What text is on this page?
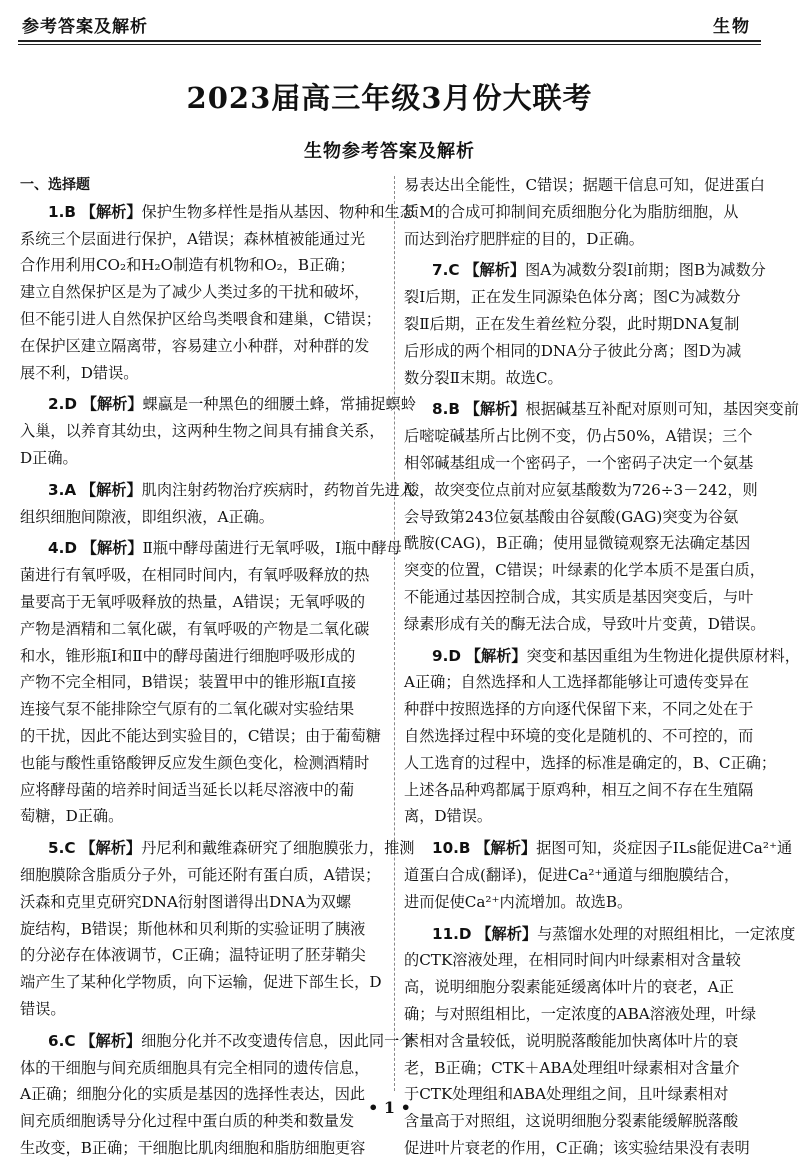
参考答案及解析	生物
2023届高三年级3月份大联考
生物参考答案及解析
一、选择题
1.B 【解析】保护生物多样性是指从基因、物种和生态
系统三个层面进行保护，A错误；森林植被能通过光
合作用利用CO₂和H₂O制造有机物和O₂，B正确；
建立自然保护区是为了减少人类过多的干扰和破坏，
但不能引进人自然保护区给鸟类喂食和建巢，C错误；
在保护区建立隔离带，容易建立小种群，对种群的发
展不利，D错误。
2.D 【解析】蜾蠃是一种黑色的细腰土蜂，常捕捉螟蛉
入巢，以养育其幼虫，这两种生物之间具有捕食关系，
D正确。
3.A 【解析】肌肉注射药物治疗疾病时，药物首先进入
组织细胞间隙液，即组织液，A正确。
4.D 【解析】Ⅱ瓶中酵母菌进行无氧呼吸，Ⅰ瓶中酵母
菌进行有氧呼吸，在相同时间内，有氧呼吸释放的热
量要高于无氧呼吸释放的热量，A错误；无氧呼吸的
产物是酒精和二氧化碳，有氧呼吸的产物是二氧化碳
和水，锥形瓶Ⅰ和Ⅱ中的酵母菌进行细胞呼吸形成的
产物不完全相同，B错误；装置甲中的锥形瓶Ⅰ直接
连接气泵不能排除空气原有的二氧化碳对实验结果
的干扰，因此不能达到实验目的，C错误；由于葡萄糖
也能与酸性重铬酸钾反应发生颜色变化，检测酒精时
应将酵母菌的培养时间适当延长以耗尽溶液中的葡
萄糖，D正确。
5.C 【解析】丹尼利和戴维森研究了细胞膜张力，推测
细胞膜除含脂质分子外，可能还附有蛋白质，A错误；
沃森和克里克研究DNA衍射图谱得出DNA为双螺
旋结构，B错误；斯他林和贝利斯的实验证明了胰液
的分泌存在体液调节，C正确；温特证明了胚芽鞘尖
端产生了某种化学物质，向下运输，促进下部生长，D
错误。
6.C 【解析】细胞分化并不改变遗传信息，因此同一个
体的干细胞与间充质细胞具有完全相同的遗传信息，
A正确；细胞分化的实质是基因的选择性表达，因此
间充质细胞诱导分化过程中蛋白质的种类和数量发
生改变，B正确；干细胞比肌肉细胞和脂肪细胞更容
易表达出全能性，C错误；据题干信息可知，促进蛋白
质M的合成可抑制间充质细胞分化为脂肪细胞，从
而达到治疗肥胖症的目的，D正确。
7.C 【解析】图A为减数分裂Ⅰ前期；图B为减数分
裂Ⅰ后期，正在发生同源染色体分离；图C为减数分
裂Ⅱ后期，正在发生着丝粒分裂，此时期DNA复制
后形成的两个相同的DNA分子彼此分离；图D为减
数分裂Ⅱ末期。故选C。
8.B 【解析】根据碱基互补配对原则可知，基因突变前
后嘧啶碱基所占比例不变，仍占50%，A错误；三个
相邻碱基组成一个密码子，一个密码子决定一个氨基
酸，故突变位点前对应氨基酸数为726÷3－242，则
会导致第243位氨基酸由谷氨酸(GAG)突变为谷氨
酰胺(CAG)，B正确；使用显微镜观察无法确定基因
突变的位置，C错误；叶绿素的化学本质不是蛋白质，
不能通过基因控制合成，其实质是基因突变后，与叶
绿素形成有关的酶无法合成，导致叶片变黄，D错误。
9.D 【解析】突变和基因重组为生物进化提供原材料，
A正确；自然选择和人工选择都能够让可遗传变异在
种群中按照选择的方向逐代保留下来，不同之处在于
自然选择过程中环境的变化是随机的、不可控的，而
人工选育的过程中，选择的标准是确定的，B、C正确；
上述各品种鸡都属于原鸡种，相互之间不存在生殖隔
离，D错误。
10.B 【解析】据图可知，炎症因子ILs能促进Ca²⁺通
道蛋白合成(翻译)，促进Ca²⁺通道与细胞膜结合，
进而促使Ca²⁺内流增加。故选B。
11.D 【解析】与蒸馏水处理的对照组相比，一定浓度
的CTK溶液处理，在相同时间内叶绿素相对含量较
高，说明细胞分裂素能延缓离体叶片的衰老，A正
确；与对照组相比，一定浓度的ABA溶液处理，叶绿
素相对含量较低，说明脱落酸能加快离体叶片的衰
老，B正确；CTK＋ABA处理组叶绿素相对含量介
于CTK处理组和ABA处理组之间，且叶绿素相对
含量高于对照组，这说明细胞分裂素能缓解脱落酸
促进叶片衰老的作用，C正确；该实验结果没有表明
• 1 •
